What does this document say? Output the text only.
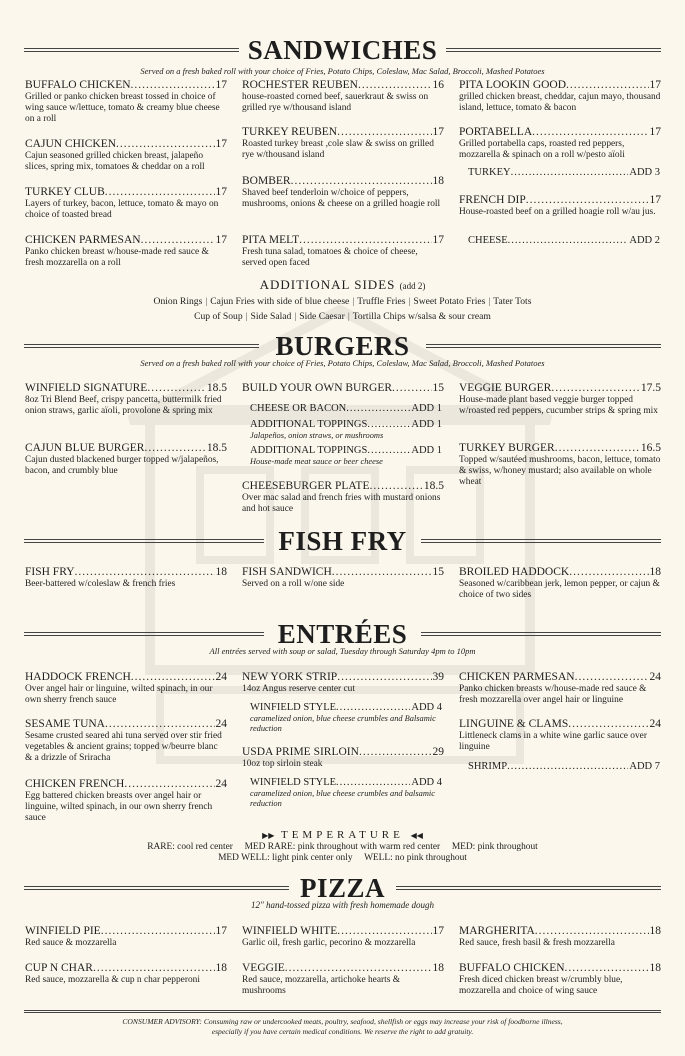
SANDWICHES
Served on a fresh baked roll with your choice of Fries, Potato Chips, Coleslaw, Mac Salad, Broccoli, Mashed Potatoes
BUFFALO CHICKEN .....	17
Grilled or panko chicken breast tossed in choice of wing sauce w/lettuce, tomato & creamy blue cheese on a roll
CAJUN CHICKEN .....	17
Cajun seasoned grilled chicken breast, jalapeño slices, spring mix, tomatoes & cheddar on a roll
TURKEY CLUB .....	17
Layers of turkey, bacon, lettuce, tomato & mayo on choice of toasted bread
CHICKEN PARMESAN .....	17
Panko chicken breast w/house-made red sauce & fresh mozzarella on a roll
ROCHESTER REUBEN .....	16
house-roasted corned beef, sauerkraut & swiss on grilled rye w/thousand island
TURKEY REUBEN .....	17
Roasted turkey breast ,cole slaw & swiss on grilled rye w/thousand island
BOMBER .....	18
Shaved beef tenderloin w/choice of peppers, mushrooms, onions & cheese on a grilled hoagie roll
PITA MELT .....	17
Fresh tuna salad, tomatoes & choice of cheese, served open faced
PITA LOOKIN GOOD .....	17
grilled chicken breast, cheddar, cajun mayo, thousand island, lettuce, tomato & bacon
PORTABELLA .....	17
Grilled portabella caps, roasted red peppers, mozzarella & spinach on a roll w/pesto aïoli
TURKEY .....	ADD 3
FRENCH DIP .....	17
House-roasted beef on a grilled hoagie roll w/au jus.
CHEESE .....	ADD 2
ADDITIONAL SIDES (add 2)
Onion Rings | Cajun Fries with side of blue cheese | Truffle Fries | Sweet Potato Fries | Tater Tots
Cup of Soup | Side Salad | Side Caesar | Tortilla Chips w/salsa & sour cream
BURGERS
Served on a fresh baked roll with your choice of Fries, Potato Chips, Coleslaw, Mac Salad, Broccoli, Mashed Potatoes
WINFIELD SIGNATURE .....	18.5
8oz Tri Blend Beef, crispy pancetta, buttermilk fried onion straws, garlic aïoli, provolone & spring mix
CAJUN BLUE BURGER .....	18.5
Cajun dusted blackened burger topped w/jalapeños, bacon, and crumbly blue
BUILD YOUR OWN BURGER .....	15
CHEESE OR BACON .....	ADD 1
ADDITIONAL TOPPINGS .....	ADD 1
Jalapeños, onion straws, or mushrooms
ADDITIONAL TOPPINGS .....	ADD 1
House-made meat sauce or beer cheese
CHEESEBURGER PLATE .....	18.5
Over mac salad and french fries with mustard onions and hot sauce
VEGGIE BURGER .....	17.5
House-made plant based veggie burger topped w/roasted red peppers, cucumber strips & spring mix
TURKEY BURGER .....	16.5
Topped w/sautéed mushrooms, bacon, lettuce, tomato & swiss, w/honey mustard; also available on whole wheat
FISH FRY
FISH FRY .....	18
Beer-battered w/coleslaw & french fries
FISH SANDWICH .....	15
Served on a roll w/one side
BROILED HADDOCK .....	18
Seasoned w/caribbean jerk, lemon pepper, or cajun & choice of two sides
ENTRÉES
All entrées served with soup or salad, Tuesday through Saturday 4pm to 10pm
HADDOCK FRENCH .....	24
Over angel hair or linguine, wilted spinach, in our own sherry french sauce
SESAME TUNA .....	24
Sesame crusted seared ahi tuna served over stir fried vegetables & ancient grains; topped w/beurre blanc & a drizzle of Sriracha
CHICKEN FRENCH .....	24
Egg battered chicken breasts over angel hair or linguine, wilted spinach, in our own sherry french sauce
NEW YORK STRIP .....	39
14oz Angus reserve center cut
WINFIELD STYLE .....	ADD 4
caramelized onion, blue cheese crumbles and Balsamic reduction
USDA PRIME SIRLOIN .....	29
10oz top sirloin steak
WINFIELD STYLE .....	ADD 4
caramelized onion, blue cheese crumbles and balsamic reduction
CHICKEN PARMESAN .....	24
Panko chicken breasts w/house-made red sauce & fresh mozzarella over angel hair or linguine
LINGUINE & CLAMS .....	24
Littleneck clams in a white wine garlic sauce over linguine
SHRIMP .....	ADD 7
▶▶ TEMPERATURE ◀◀
RARE: cool red center     MED RARE: pink throughout with warm red center     MED: pink throughout
MED WELL: light pink center only     WELL: no pink throughout
PIZZA
12" hand-tossed pizza with fresh homemade dough
WINFIELD PIE .....	17
Red sauce & mozzarella
CUP N CHAR .....	18
Red sauce, mozzarella & cup n char pepperoni
WINFIELD WHITE .....	17
Garlic oil, fresh garlic, pecorino & mozzarella
VEGGIE .....	18
Red sauce, mozzarella, artichoke hearts & mushrooms
MARGHERITA .....	18
Red sauce, fresh basil & fresh mozzarella
BUFFALO CHICKEN .....	18
Fresh diced chicken breast w/crumbly blue, mozzarella and choice of wing sauce
CONSUMER ADVISORY: Consuming raw or undercooked meats, poultry, seafood, shellfish or eggs may increase your risk of foodborne illness,
especially if you have certain medical conditions. We reserve the right to add gratuity.
